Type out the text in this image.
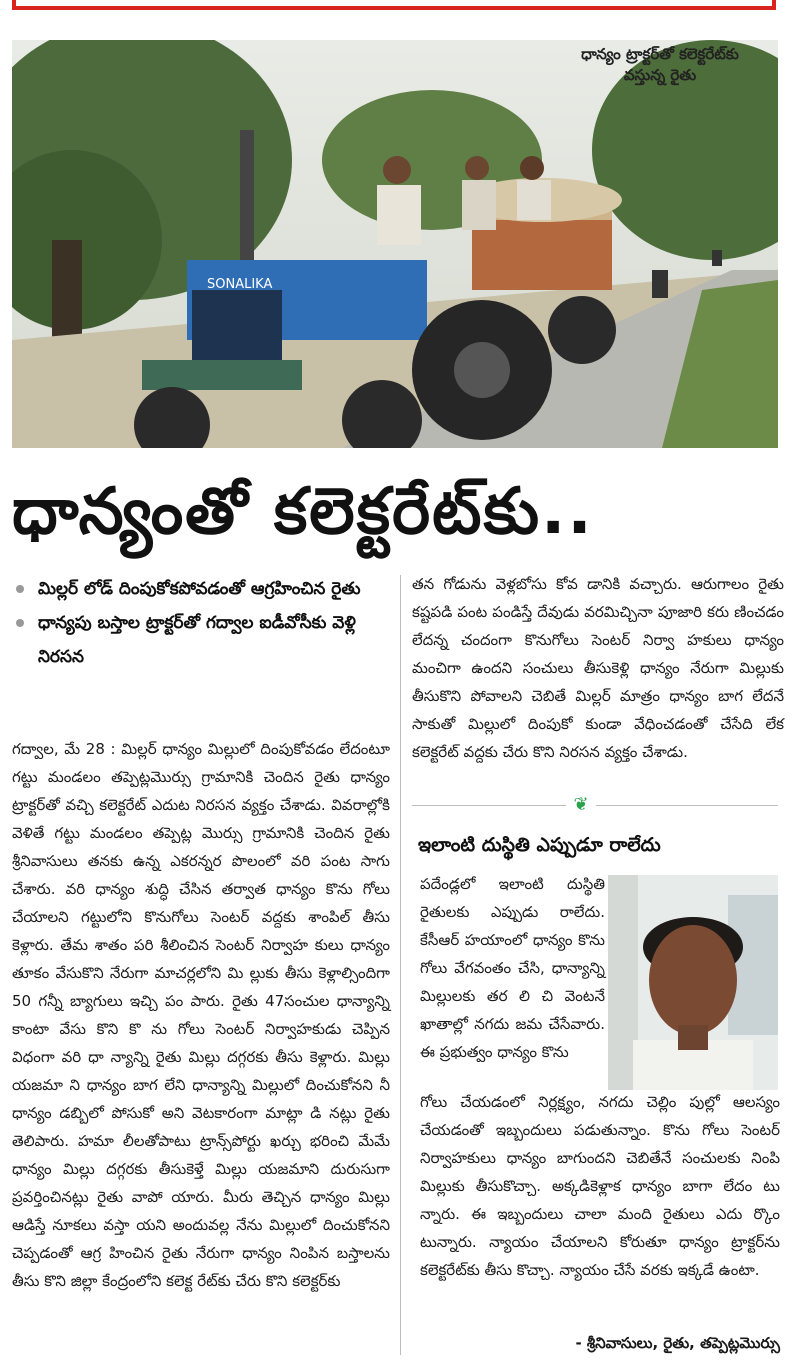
SONALIKA
ధాన్యం ట్రాక్టర్‌తో కలెక్టరేట్‌కు వస్తున్న రైతు
ధాన్యంతో కలెక్టరేట్‌కు..
మిల్లర్ లోడ్ దింపుకోకపోవడంతో ఆగ్రహించిన రైతు
ధాన్యపు బస్తాల ట్రాక్టర్‌తో గద్వాల ఐడీవోసీకు వెళ్లి నిరసన
గద్వాల, మే 28 : మిల్లర్ ధాన్యం మిల్లులో దింపుకోవడం లేదంటూ గట్టు మండలం తప్పెట్లమొర్సు గ్రామానికి చెందిన రైతు ధాన్యం ట్రాక్టర్‌తో వచ్చి కలెక్టరేట్ ఎదుట నిరసన వ్యక్తం చేశాడు. వివరాల్లోకి వెళితే గట్టు మండలం తప్పెట్ల మొర్సు గ్రామానికి చెందిన రైతు శ్రీనివాసులు తనకు ఉన్న ఎకరన్నర పొలంలో వరి పంట సాగు చేశారు. వరి ధాన్యం శుద్ధి చేసిన తర్వాత ధాన్యం కొను గోలు చేయాలని గట్టులోని కొనుగోలు సెంటర్ వద్దకు శాంపిల్ తీసు కెళ్లారు. తేమ శాతం పరి శీలించిన సెంటర్ నిర్వాహ కులు ధాన్యం తూకం వేసుకొని నేరుగా మాచర్లలోని మి ల్లుకు తీసు కెళ్లాల్సిందిగా 50 గన్నీ బ్యాగులు ఇచ్చి పం పారు. రైతు 47సంచుల ధాన్యాన్ని కాంటా వేసు కొని కొ ను గోలు సెంటర్ నిర్వాహకుడు చెప్పిన విధంగా వరి ధా న్యాన్ని రైతు మిల్లు దగ్గరకు తీసు కెళ్లారు. మిల్లు యజమా ని ధాన్యం బాగ లేని ధాన్యాన్ని మిల్లులో దించుకోనని నీ ధాన్యం డబ్బిలో పోసుకో అని వెటకారంగా మాట్లా డి నట్లు రైతు తెలిపారు. హమా లీలతోపాటు ట్రాన్స్‌పోర్టు ఖర్చు భరించి మేమే ధాన్యం మిల్లు దగ్గరకు తీసుకెళ్తే మిల్లు యజమాని దురుసుగా ప్రవర్తించినట్లు రైతు వాపో యారు. మీరు తెచ్చిన ధాన్యం మిల్లు ఆడిస్తే నూకలు వస్తా యని అందువల్ల నేను మిల్లులో దించుకోనని చెప్పడంతో ఆగ్ర హించిన రైతు నేరుగా ధాన్యం నింపిన బస్తాలను తీసు కొని జిల్లా కేంద్రంలోని కలెక్ట రేట్‌కు చేరు కొని కలెక్టర్‌కు
తన గోడును వెళ్లబోసు కోవ డానికి వచ్చారు. ఆరుగాలం రైతు కష్టపడి పంట పండిస్తే దేవుడు వరమిచ్చినా పూజారి కరు ణించడం లేదన్న చందంగా కొనుగోలు సెంటర్ నిర్వా హకులు ధాన్యం మంచిగా ఉందని సంచులు తీసుకెళ్లి ధాన్యం నేరుగా మిల్లుకు తీసుకొని పోవాలని చెబితే మిల్లర్ మాత్రం ధాన్యం బాగ లేదనే సాకుతో మిల్లులో దింపుకో కుండా వేధించడంతో చేసేది లేక కలెక్టరేట్ వద్దకు చేరు కొని నిరసన వ్యక్తం చేశాడు.
❦
ఇలాంటి దుస్థితి ఎప్పుడూ రాలేదు
పదేండ్లలో ఇలాంటి దుస్థితి రైతులకు ఎప్పుడు రాలేదు. కేసీఆర్ హయాంలో ధాన్యం కొను గోలు వేగవంతం చేసి, ధాన్యాన్ని మిల్లులకు తర లి చి వెంటనే ఖాతాల్లో నగదు జమ చేసేవారు. ఈ ప్రభుత్వం ధాన్యం కొను
గోలు చేయడంలో నిర్లక్ష్యం, నగదు చెల్లిం పుల్లో ఆలస్యం చేయడంతో ఇబ్బందులు పడుతున్నాం. కొను గోలు సెంటర్ నిర్వాహకులు ధాన్యం బాగుందని చెబితేనే సంచులకు నింపి మిల్లుకు తీసుకొచ్చా. అక్కడికెళ్లాక ధాన్యం బాగా లేదం టు న్నారు. ఈ ఇబ్బందులు చాలా మంది రైతులు ఎదు ర్కొం టున్నారు. న్యాయం చేయాలని కోరుతూ ధాన్యం ట్రాక్టర్‌ను కలెక్టరేట్‌కు తీసు కొచ్చా. న్యాయం చేసే వరకు ఇక్కడే ఉంటా.
- శ్రీనివాసులు, రైతు, తప్పెట్లమొర్సు
